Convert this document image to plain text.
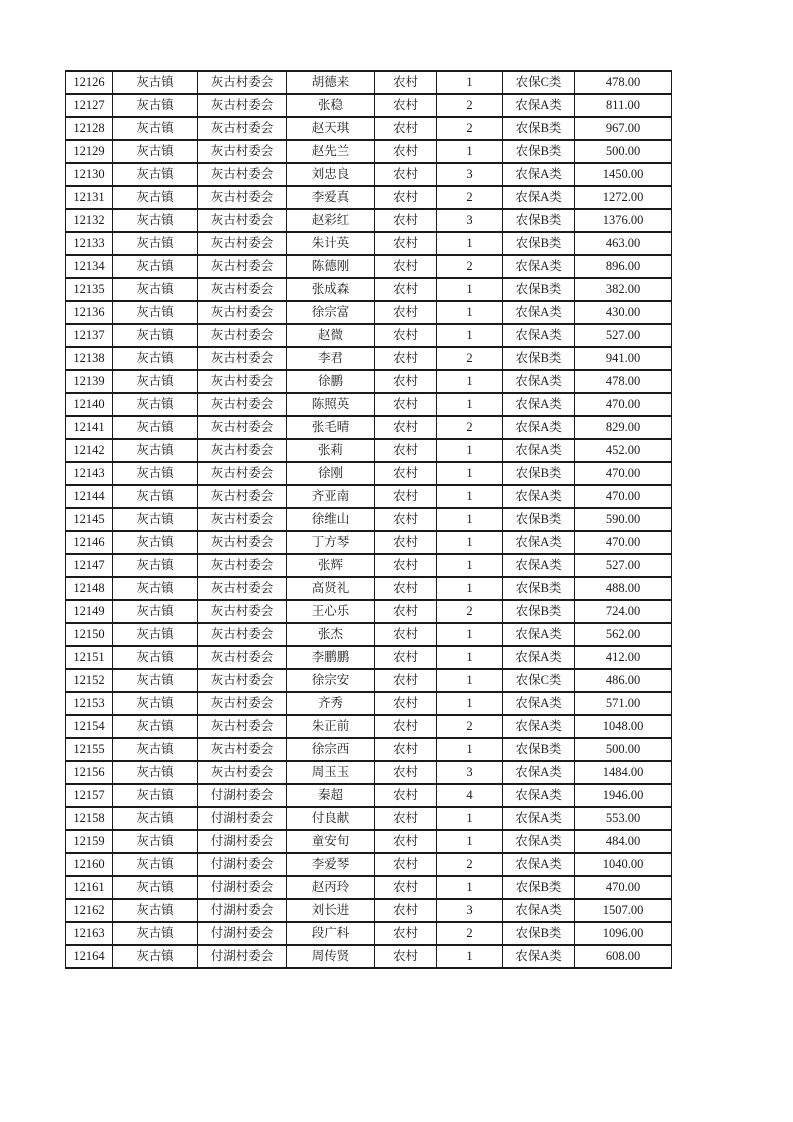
12126	灰古镇	灰古村委会	胡德来	农村	1	农保C类	478.00
12127	灰古镇	灰古村委会	张稳	农村	2	农保A类	811.00
12128	灰古镇	灰古村委会	赵天琪	农村	2	农保B类	967.00
12129	灰古镇	灰古村委会	赵先兰	农村	1	农保B类	500.00
12130	灰古镇	灰古村委会	刘忠良	农村	3	农保A类	1450.00
12131	灰古镇	灰古村委会	李爱真	农村	2	农保A类	1272.00
12132	灰古镇	灰古村委会	赵彩红	农村	3	农保B类	1376.00
12133	灰古镇	灰古村委会	朱计英	农村	1	农保B类	463.00
12134	灰古镇	灰古村委会	陈德刚	农村	2	农保A类	896.00
12135	灰古镇	灰古村委会	张成森	农村	1	农保B类	382.00
12136	灰古镇	灰古村委会	徐宗富	农村	1	农保A类	430.00
12137	灰古镇	灰古村委会	赵微	农村	1	农保A类	527.00
12138	灰古镇	灰古村委会	李君	农村	2	农保B类	941.00
12139	灰古镇	灰古村委会	徐鹏	农村	1	农保A类	478.00
12140	灰古镇	灰古村委会	陈照英	农村	1	农保A类	470.00
12141	灰古镇	灰古村委会	张毛晴	农村	2	农保A类	829.00
12142	灰古镇	灰古村委会	张莉	农村	1	农保A类	452.00
12143	灰古镇	灰古村委会	徐刚	农村	1	农保B类	470.00
12144	灰古镇	灰古村委会	齐亚南	农村	1	农保A类	470.00
12145	灰古镇	灰古村委会	徐维山	农村	1	农保B类	590.00
12146	灰古镇	灰古村委会	丁方琴	农村	1	农保A类	470.00
12147	灰古镇	灰古村委会	张辉	农村	1	农保A类	527.00
12148	灰古镇	灰古村委会	高贤礼	农村	1	农保B类	488.00
12149	灰古镇	灰古村委会	王心乐	农村	2	农保B类	724.00
12150	灰古镇	灰古村委会	张杰	农村	1	农保A类	562.00
12151	灰古镇	灰古村委会	李鹏鹏	农村	1	农保A类	412.00
12152	灰古镇	灰古村委会	徐宗安	农村	1	农保C类	486.00
12153	灰古镇	灰古村委会	齐秀	农村	1	农保A类	571.00
12154	灰古镇	灰古村委会	朱正前	农村	2	农保A类	1048.00
12155	灰古镇	灰古村委会	徐宗西	农村	1	农保B类	500.00
12156	灰古镇	灰古村委会	周玉玉	农村	3	农保A类	1484.00
12157	灰古镇	付湖村委会	秦超	农村	4	农保A类	1946.00
12158	灰古镇	付湖村委会	付良献	农村	1	农保A类	553.00
12159	灰古镇	付湖村委会	童安旬	农村	1	农保A类	484.00
12160	灰古镇	付湖村委会	李爱琴	农村	2	农保A类	1040.00
12161	灰古镇	付湖村委会	赵丙玲	农村	1	农保B类	470.00
12162	灰古镇	付湖村委会	刘长进	农村	3	农保A类	1507.00
12163	灰古镇	付湖村委会	段广科	农村	2	农保B类	1096.00
12164	灰古镇	付湖村委会	周传贤	农村	1	农保A类	608.00
